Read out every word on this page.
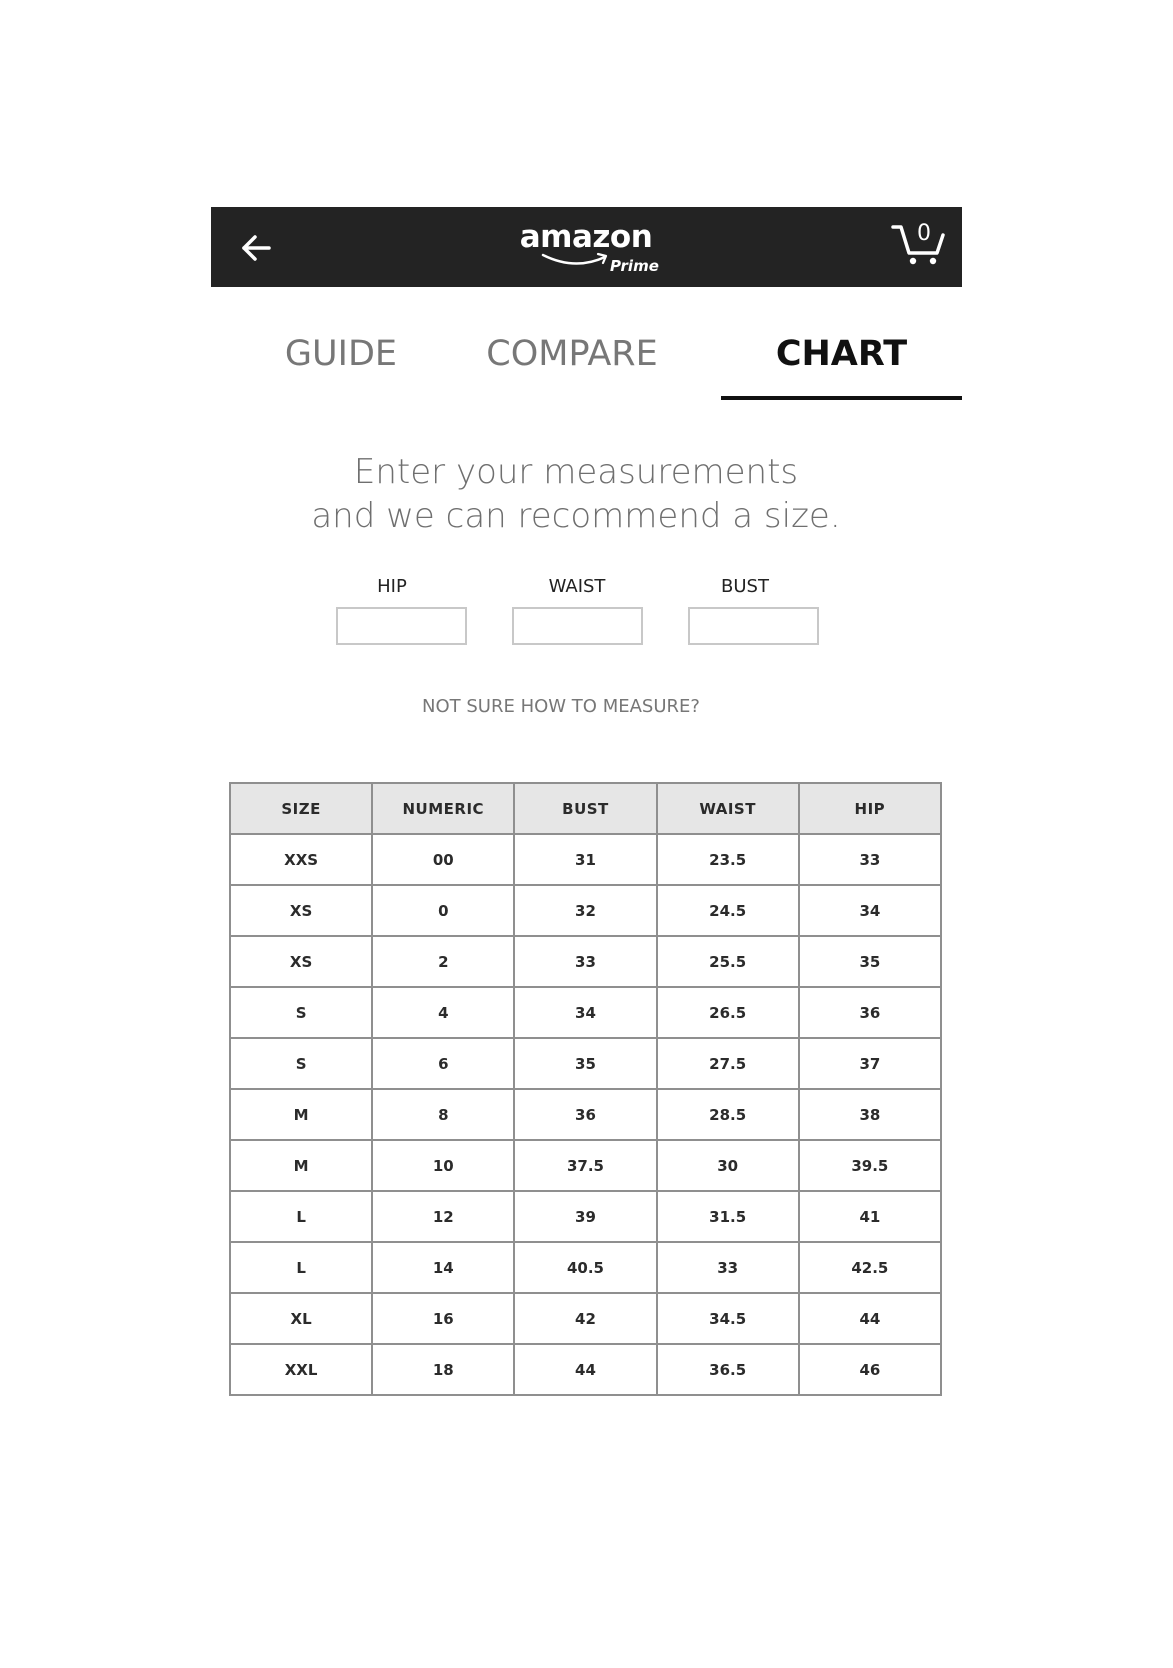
amazon
Prime
0
GUIDE	COMPARE	CHART
Enter your measurements
and we can recommend a size.
HIP	WAIST	BUST
NOT SURE HOW TO MEASURE?
SIZE	NUMERIC	BUST	WAIST	HIP
XXS	00	31	23.5	33
XS	0	32	24.5	34
XS	2	33	25.5	35
S	4	34	26.5	36
S	6	35	27.5	37
M	8	36	28.5	38
M	10	37.5	30	39.5
L	12	39	31.5	41
L	14	40.5	33	42.5
XL	16	42	34.5	44
XXL	18	44	36.5	46
